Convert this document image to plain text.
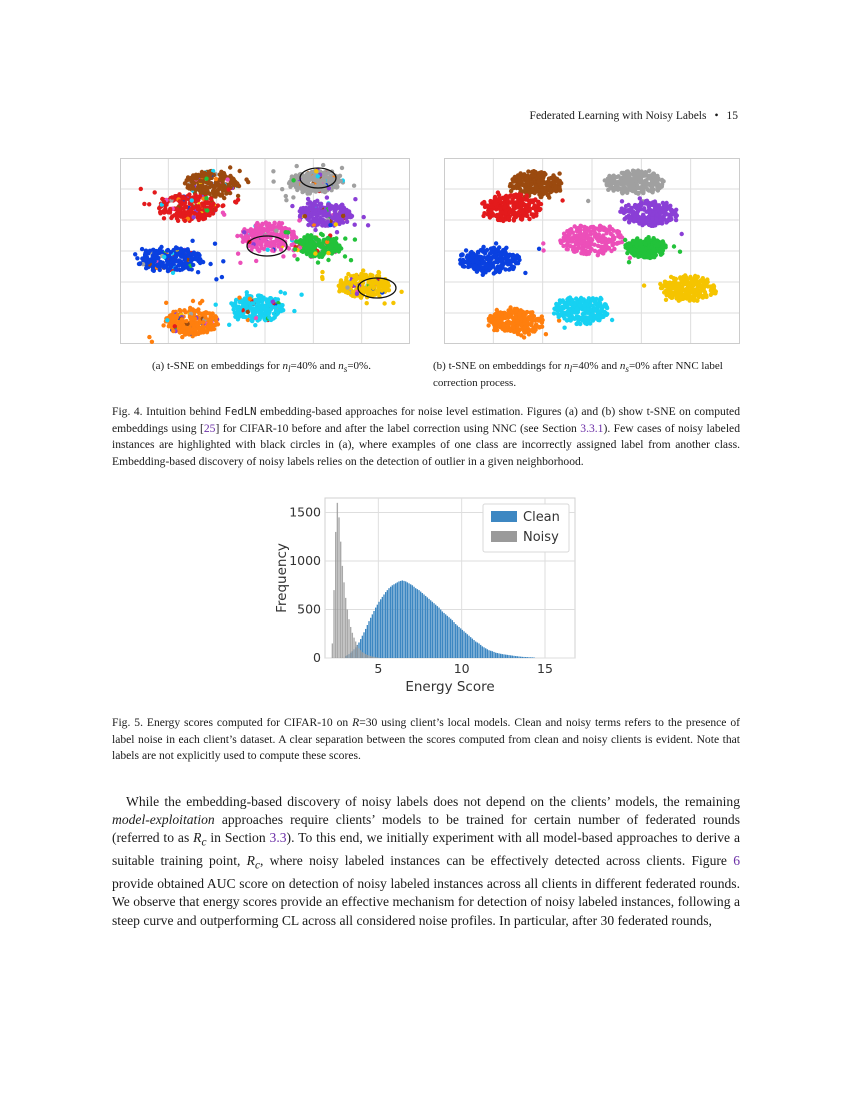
Federated Learning with Noisy Labels • 15
(a) t-SNE on embeddings for $n_l=40\%$ and $n_s=0\%$.	(b) t-SNE on embeddings for $n_l=40\%$ and $n_s=0\%$ after NNC label correction process.
Fig. 4. Intuition behind FedLN embedding-based approaches for noise level estimation. Figures (a) and (b) show t-SNE on computed embeddings using [25] for CIFAR-10 before and after the label correction using NNC (see Section 3.3.1). Few cases of noisy labeled instances are highlighted with black circles in (a), where examples of one class are incorrectly assigned label from another class. Embedding-based discovery of noisy labels relies on the detection of outlier in a given neighborhood.
5	10	15
0
500
1000
1500
Energy Score
Frequency
Clean
Noisy
Fig. 5. Energy scores computed for CIFAR-10 on R=30 using client’s local models. Clean and noisy terms refers to the presence of label noise in each client’s dataset. A clear separation between the scores computed from clean and noisy clients is evident. Note that labels are not explicitly used to compute these scores.
While the embedding-based discovery of noisy labels does not depend on the clients’ models, the remaining model-exploitation approaches require clients’ models to be trained for certain number of federated rounds (referred to as $R_c$ in Section 3.3). To this end, we initially experiment with all model-based approaches to derive a suitable training point, $R_c$, where noisy labeled instances can be effectively detected across clients. Figure 6 provide obtained AUC score on detection of noisy labeled instances across all clients in different federated rounds. We observe that energy scores provide an effective mechanism for detection of noisy labeled instances, following a steep curve and outperforming CL across all considered noise profiles. In particular, after 30 federated rounds,
